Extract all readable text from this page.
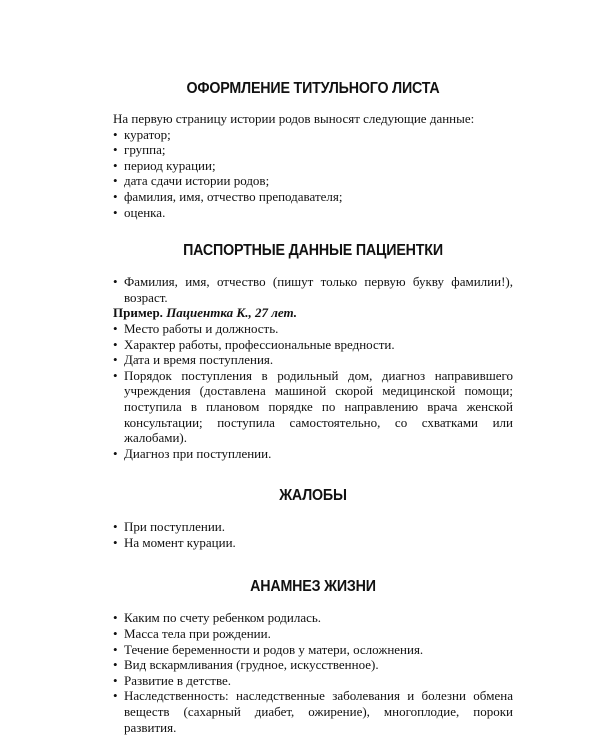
ОФОРМЛЕНИЕ ТИТУЛЬНОГО ЛИСТА

На первую страницу истории родов выносят следующие данные:

• куратор;
• группа;
• период курации;
• дата сдачи истории родов;
• фамилия, имя, отчество преподавателя;
• оценка.
ПАСПОРТНЫЕ ДАННЫЕ ПАЦИЕНТКИ
• Фамилия, имя, отчество (пишут только первую букву фамилии!), возраст.

Пример. Пациентка К., 27 лет.

• Место работы и должность.
• Характер работы, профессиональные вредности.
• Дата и время поступления.
• Порядок поступления в родильный дом, диагноз направившего учреждения (доставлена машиной скорой медицинской помощи; поступила в плановом порядке по направлению врача женской консультации; поступила самостоятельно, со схватками или жалобами).
• Диагноз при поступлении.
ЖАЛОБЫ
• При поступлении.
• На момент курации.
АНАМНЕЗ ЖИЗНИ
• Каким по счету ребенком родилась.
• Масса тела при рождении.
• Течение беременности и родов у матери, осложнения.
• Вид вскармливания (грудное, искусственное).
• Развитие в детстве.
• Наследственность: наследственные заболевания и болезни обмена веществ (сахарный диабет, ожирение), многоплодие, пороки развития.
